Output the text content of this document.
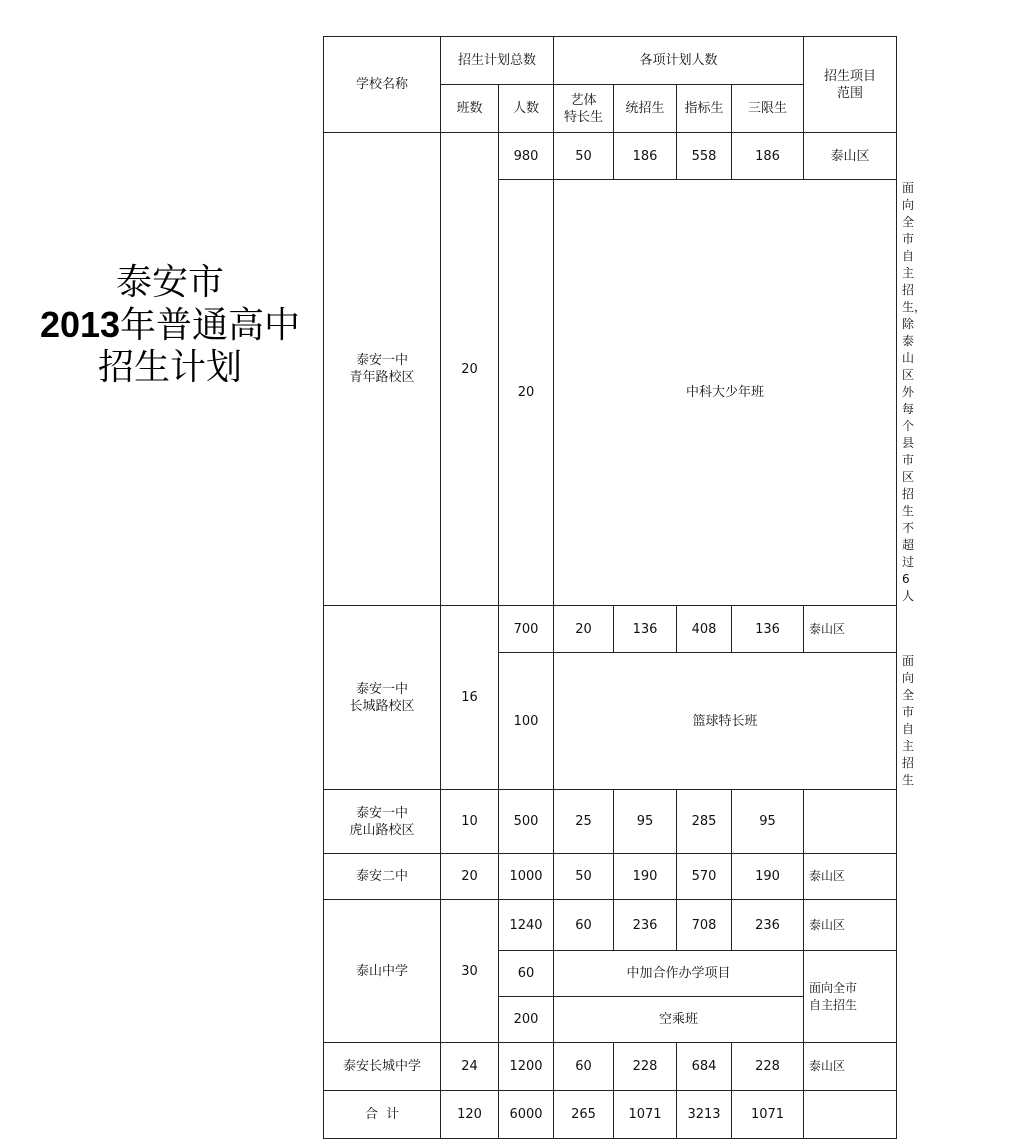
泰安市
2013年普通高中
招生计划
学校名称	招生计划总数		各项计划人数				招生项目
范围	
	班数	人数	艺体
特长生	统招生	指标生	三限生		
泰安一中
青年路校区	20	980	50	186	558	186	泰山区	
		20	中科大少年班					面向全市自主招生，除泰山区外每个县市区招生不超过6人
泰安一中
长城路校区	16	700	20	136	408	136	泰山区	
		100	篮球特长班					面向全市
自主招生
泰安一中
虎山路校区	10	500	25	95	285	95		
泰安二中	20	1000	50	190	570	190	泰山区	
泰山中学	30	1240	60	236	708	236	泰山区	
		60	中加合作办学项目				面向全市
自主招生	
		200	空乘班					
泰安长城中学	24	1200	60	228	684	228	泰山区	
合  计	120	6000	265	1071	3213	1071		
